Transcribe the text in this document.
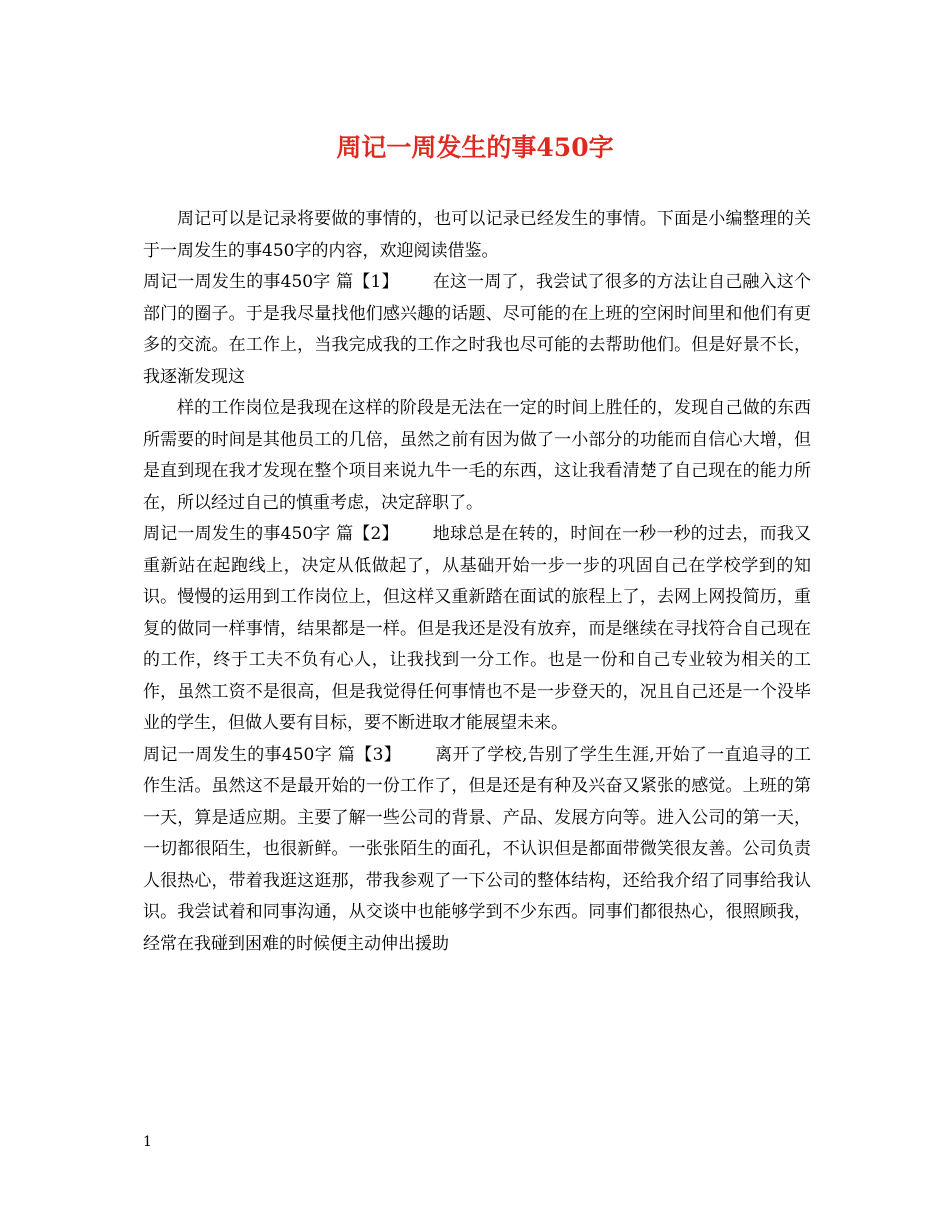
周记一周发生的事450字

周记可以是记录将要做的事情的，也可以记录已经发生的事情。下面是小编整理的关于一周发生的事450字的内容，欢迎阅读借鉴。

周记一周发生的事450字 篇【1】 在这一周了，我尝试了很多的方法让自己融入这个部门的圈子。于是我尽量找他们感兴趣的话题、尽可能的在上班的空闲时间里和他们有更多的交流。在工作上，当我完成我的工作之时我也尽可能的去帮助他们。但是好景不长，我逐渐发现这

样的工作岗位是我现在这样的阶段是无法在一定的时间上胜任的，发现自己做的东西所需要的时间是其他员工的几倍，虽然之前有因为做了一小部分的功能而自信心大增，但是直到现在我才发现在整个项目来说九牛一毛的东西，这让我看清楚了自己现在的能力所在，所以经过自己的慎重考虑，决定辞职了。

周记一周发生的事450字 篇【2】 地球总是在转的，时间在一秒一秒的过去，而我又重新站在起跑线上，决定从低做起了，从基础开始一步一步的巩固自己在学校学到的知识。慢慢的运用到工作岗位上，但这样又重新踏在面试的旅程上了，去网上网投简历，重复的做同一样事情，结果都是一样。但是我还是没有放弃，而是继续在寻找符合自己现在的工作，终于工夫不负有心人，让我找到一分工作。也是一份和自己专业较为相关的工作，虽然工资不是很高，但是我觉得任何事情也不是一步登天的，况且自己还是一个没毕业的学生，但做人要有目标，要不断进取才能展望未来。

周记一周发生的事450字 篇【3】 离开了学校,告别了学生生涯,开始了一直追寻的工作生活。虽然这不是最开始的一份工作了，但是还是有种及兴奋又紧张的感觉。上班的第一天，算是适应期。主要了解一些公司的背景、产品、发展方向等。进入公司的第一天，一切都很陌生，也很新鲜。一张张陌生的面孔，不认识但是都面带微笑很友善。公司负责人很热心，带着我逛这逛那，带我参观了一下公司的整体结构，还给我介绍了同事给我认识。我尝试着和同事沟通，从交谈中也能够学到不少东西。同事们都很热心，很照顾我，经常在我碰到困难的时候便主动伸出援助

1
